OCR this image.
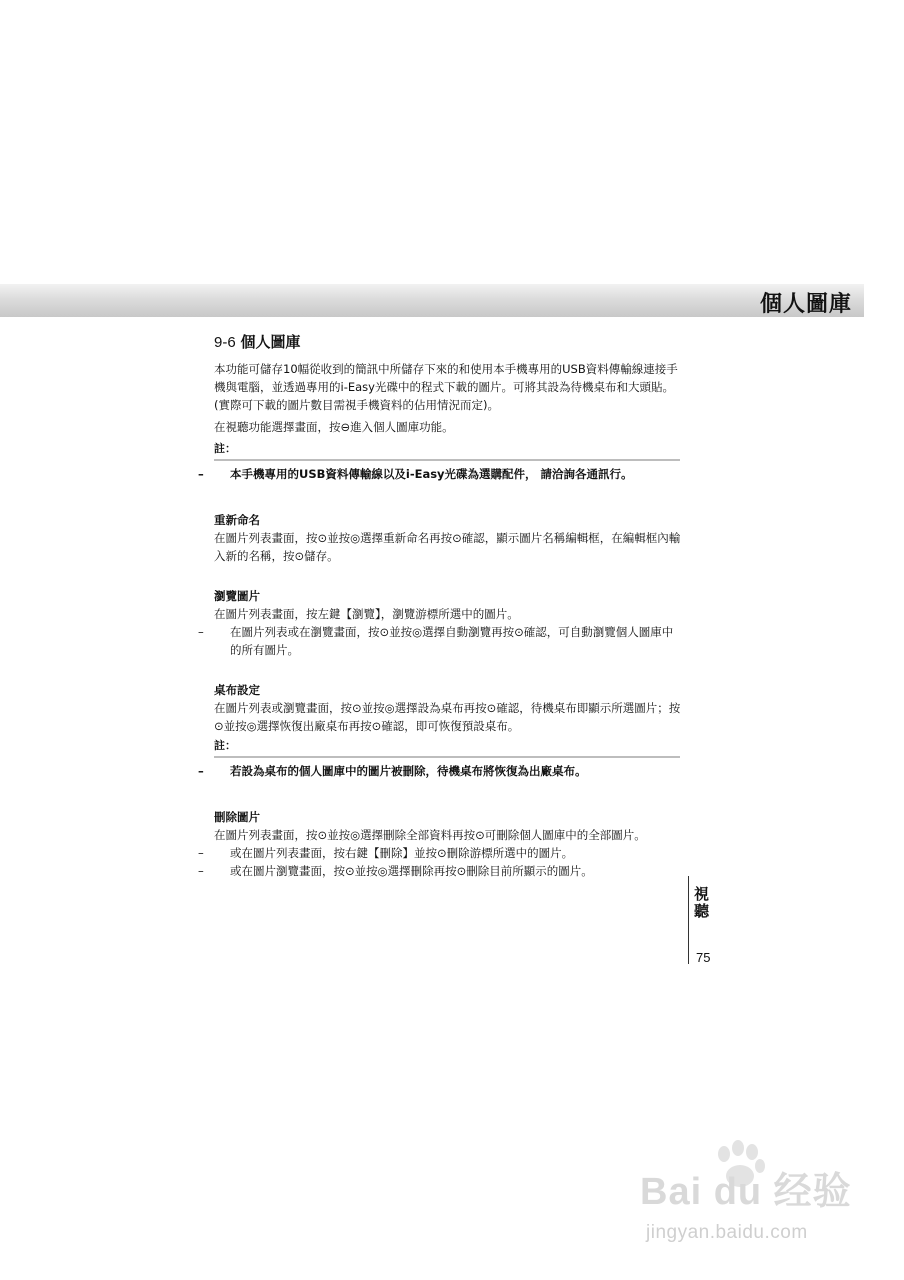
個人圖庫
9-6 個人圖庫

本功能可儲存10幅從收到的簡訊中所儲存下來的和使用本手機專用的USB資料傳輸線連接手機與電腦，並透過專用的i-Easy光碟中的程式下載的圖片。可將其設為待機桌布和大頭貼。(實際可下載的圖片數目需視手機資料的佔用情況而定)。

在視聽功能選擇畫面，按⊖進入個人圖庫功能。

註：

– 本手機專用的USB資料傳輸線以及i-Easy光碟為選購配件， 請洽詢各通訊行。

重新命名

在圖片列表畫面，按⊙並按◎選擇重新命名再按⊙確認，顯示圖片名稱編輯框，在編輯框內輸入新的名稱，按⊙儲存。

瀏覽圖片

在圖片列表畫面，按左鍵【瀏覽】，瀏覽游標所選中的圖片。

– 在圖片列表或在瀏覽畫面，按⊙並按◎選擇自動瀏覽再按⊙確認，可自動瀏覽個人圖庫中的所有圖片。

桌布設定

在圖片列表或瀏覽畫面，按⊙並按◎選擇設為桌布再按⊙確認，待機桌布即顯示所選圖片；按⊙並按◎選擇恢復出廠桌布再按⊙確認，即可恢復預設桌布。

註：

– 若設為桌布的個人圖庫中的圖片被刪除，待機桌布將恢復為出廠桌布。

刪除圖片

在圖片列表畫面，按⊙並按◎選擇刪除全部資料再按⊙可刪除個人圖庫中的全部圖片。

– 或在圖片列表畫面，按右鍵【刪除】並按⊙刪除游標所選中的圖片。

– 或在圖片瀏覽畫面，按⊙並按◎選擇刪除再按⊙刪除目前所顯示的圖片。

視聽
75
Bai du 经验
jingyan.baidu.com
